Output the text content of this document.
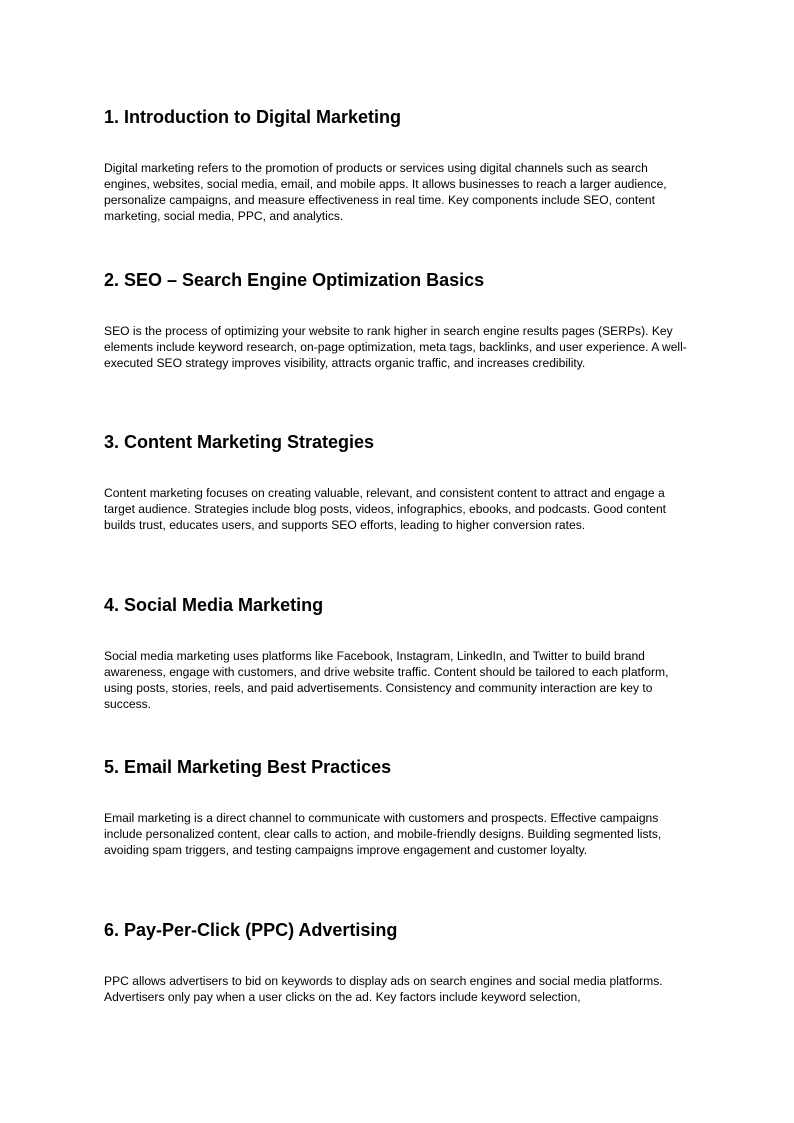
1. Introduction to Digital Marketing

Digital marketing refers to the promotion of products or services using digital channels such as search engines, websites, social media, email, and mobile apps. It allows businesses to reach a larger audience, personalize campaigns, and measure effectiveness in real time. Key components include SEO, content marketing, social media, PPC, and analytics.

2. SEO – Search Engine Optimization Basics

SEO is the process of optimizing your website to rank higher in search engine results pages (SERPs). Key elements include keyword research, on-page optimization, meta tags, backlinks, and user experience. A well-executed SEO strategy improves visibility, attracts organic traffic, and increases credibility.

3. Content Marketing Strategies

Content marketing focuses on creating valuable, relevant, and consistent content to attract and engage a target audience. Strategies include blog posts, videos, infographics, ebooks, and podcasts. Good content builds trust, educates users, and supports SEO efforts, leading to higher conversion rates.

4. Social Media Marketing

Social media marketing uses platforms like Facebook, Instagram, LinkedIn, and Twitter to build brand awareness, engage with customers, and drive website traffic. Content should be tailored to each platform, using posts, stories, reels, and paid advertisements. Consistency and community interaction are key to success.

5. Email Marketing Best Practices

Email marketing is a direct channel to communicate with customers and prospects. Effective campaigns include personalized content, clear calls to action, and mobile-friendly designs. Building segmented lists, avoiding spam triggers, and testing campaigns improve engagement and customer loyalty.

6. Pay-Per-Click (PPC) Advertising

PPC allows advertisers to bid on keywords to display ads on search engines and social media platforms. Advertisers only pay when a user clicks on the ad. Key factors include keyword selection,
